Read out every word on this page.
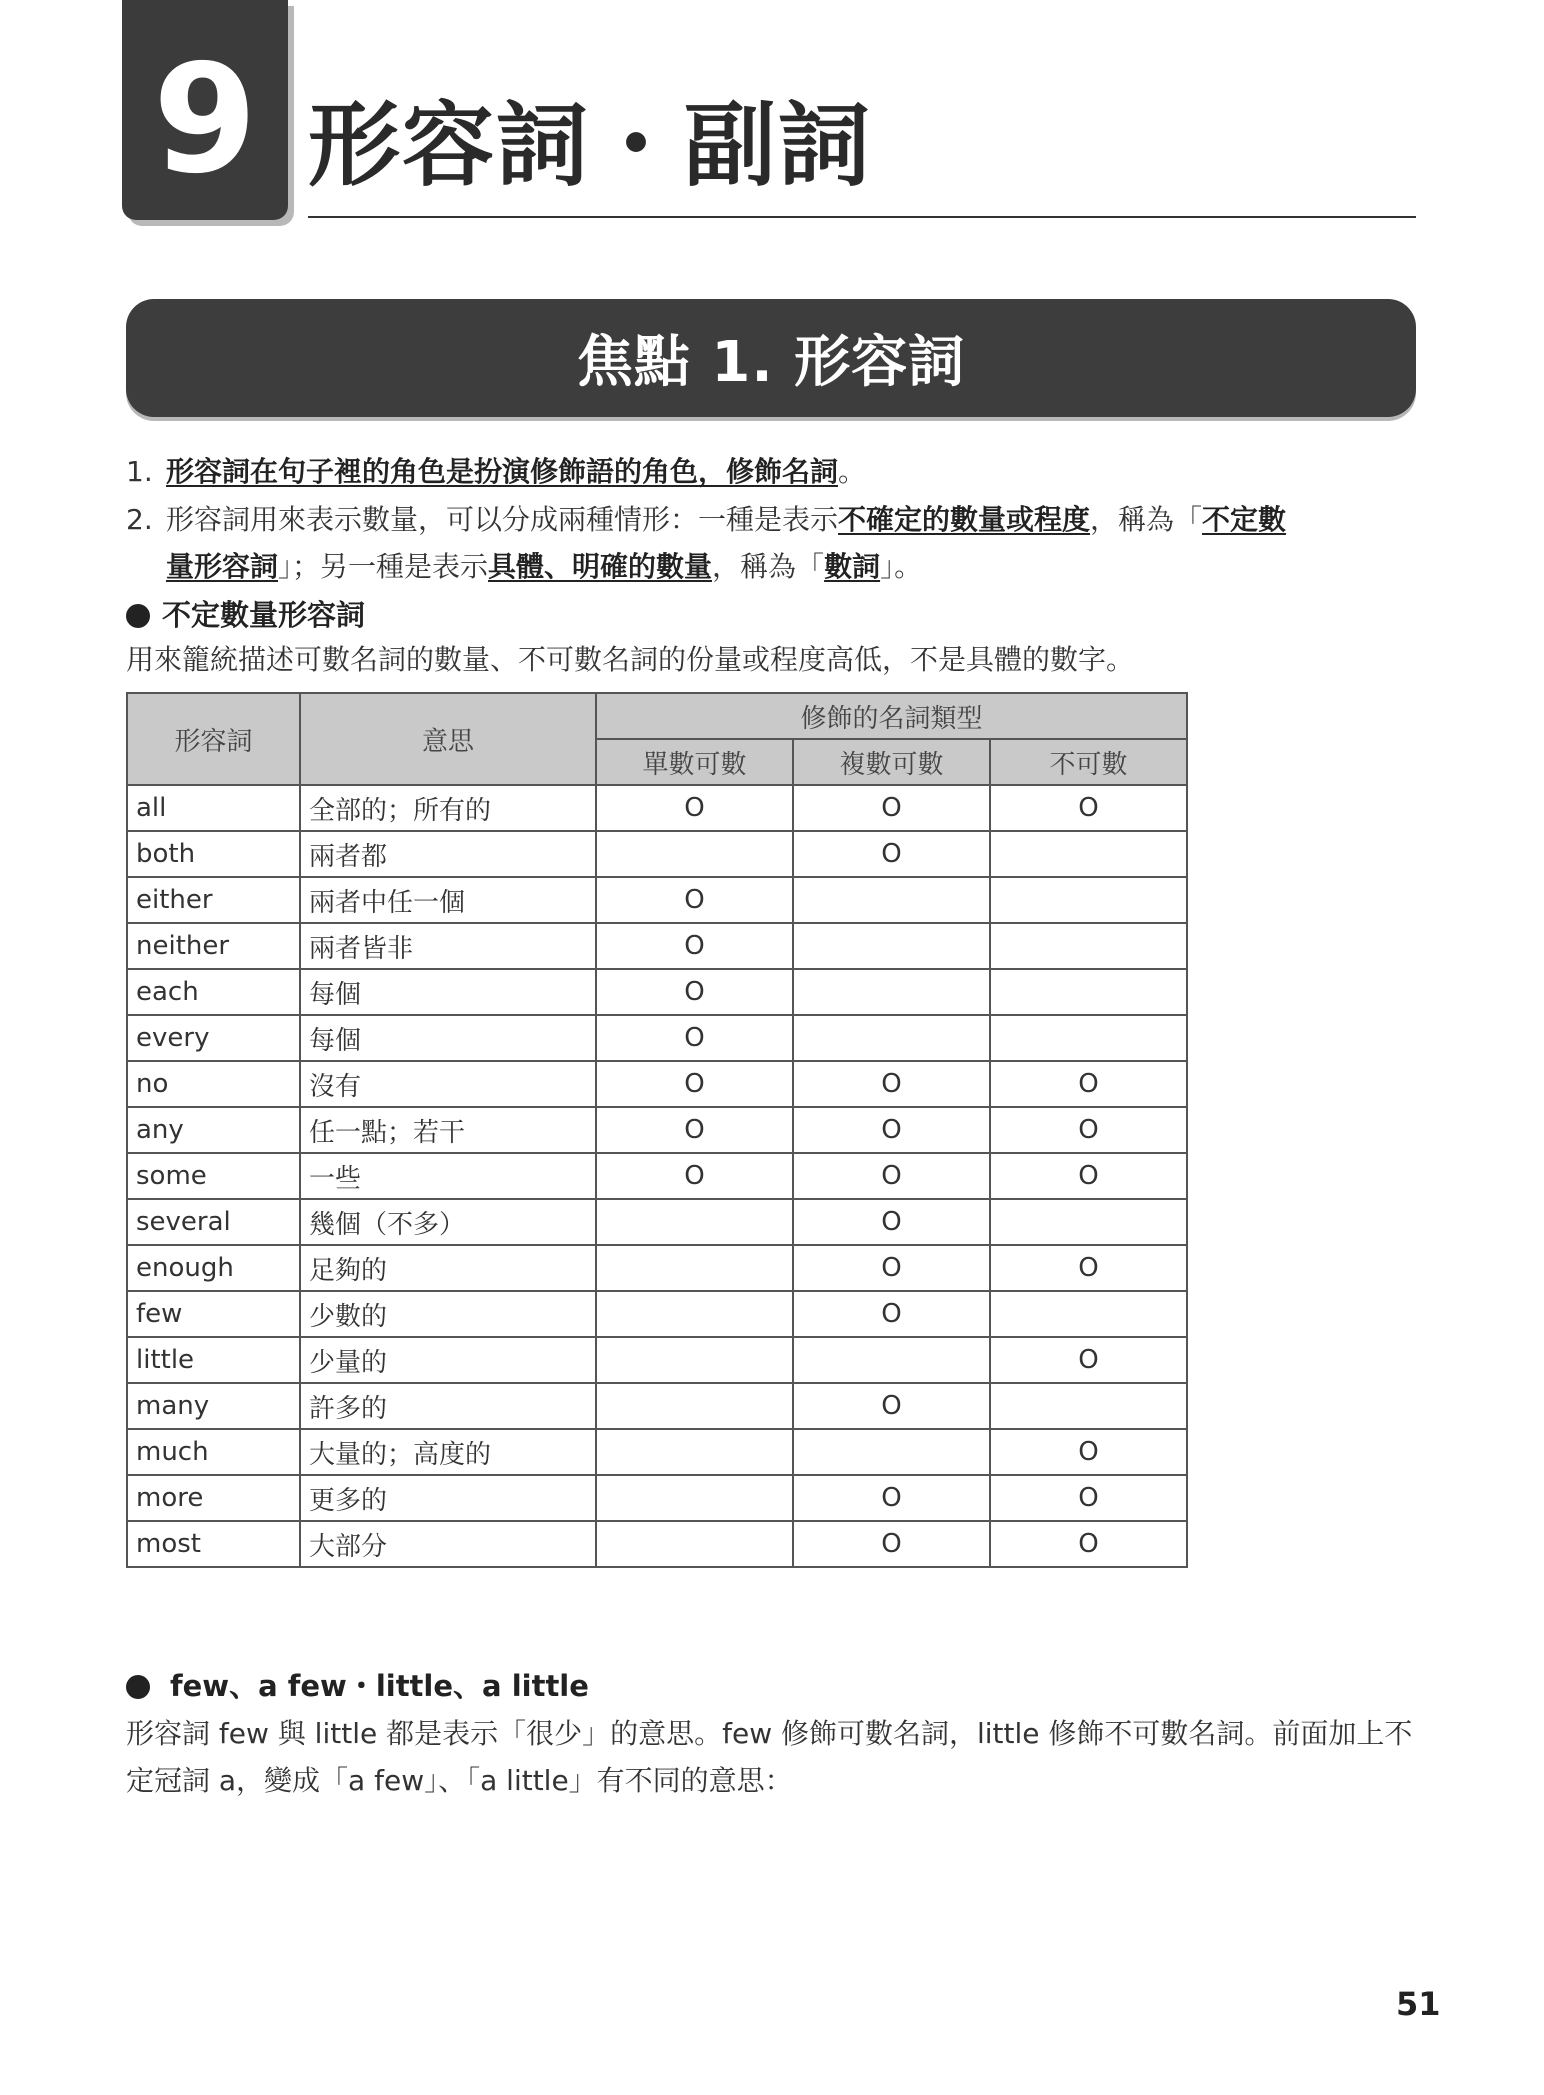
9 形容詞・副詞
焦點 1. 形容詞
1. 形容詞在句子裡的角色是扮演修飾語的角色，修飾名詞。
2. 形容詞用來表示數量，可以分成兩種情形：一種是表示不確定的數量或程度，稱為「不定數
量形容詞」；另一種是表示具體、明確的數量，稱為「數詞」。
不定數量形容詞
用來籠統描述可數名詞的數量、不可數名詞的份量或程度高低，不是具體的數字。
形容詞	意思	修飾的名詞類型		
		單數可數	複數可數	不可數
all	全部的；所有的	O	O	O
both	兩者都		O	
either	兩者中任一個	O		
neither	兩者皆非	O		
each	每個	O		
every	每個	O		
no	沒有	O	O	O
any	任一點；若干	O	O	O
some	一些	O	O	O
several	幾個（不多）		O	
enough	足夠的		O	O
few	少數的		O	
little	少量的			O
many	許多的		O	
much	大量的；高度的			O
more	更多的		O	O
most	大部分		O	O
few、a few・little、a little
形容詞 few 與 little 都是表示「很少」的意思。few 修飾可數名詞，little 修飾不可數名詞。前面加上不定冠詞 a，變成「a few」、「a little」有不同的意思：
51
